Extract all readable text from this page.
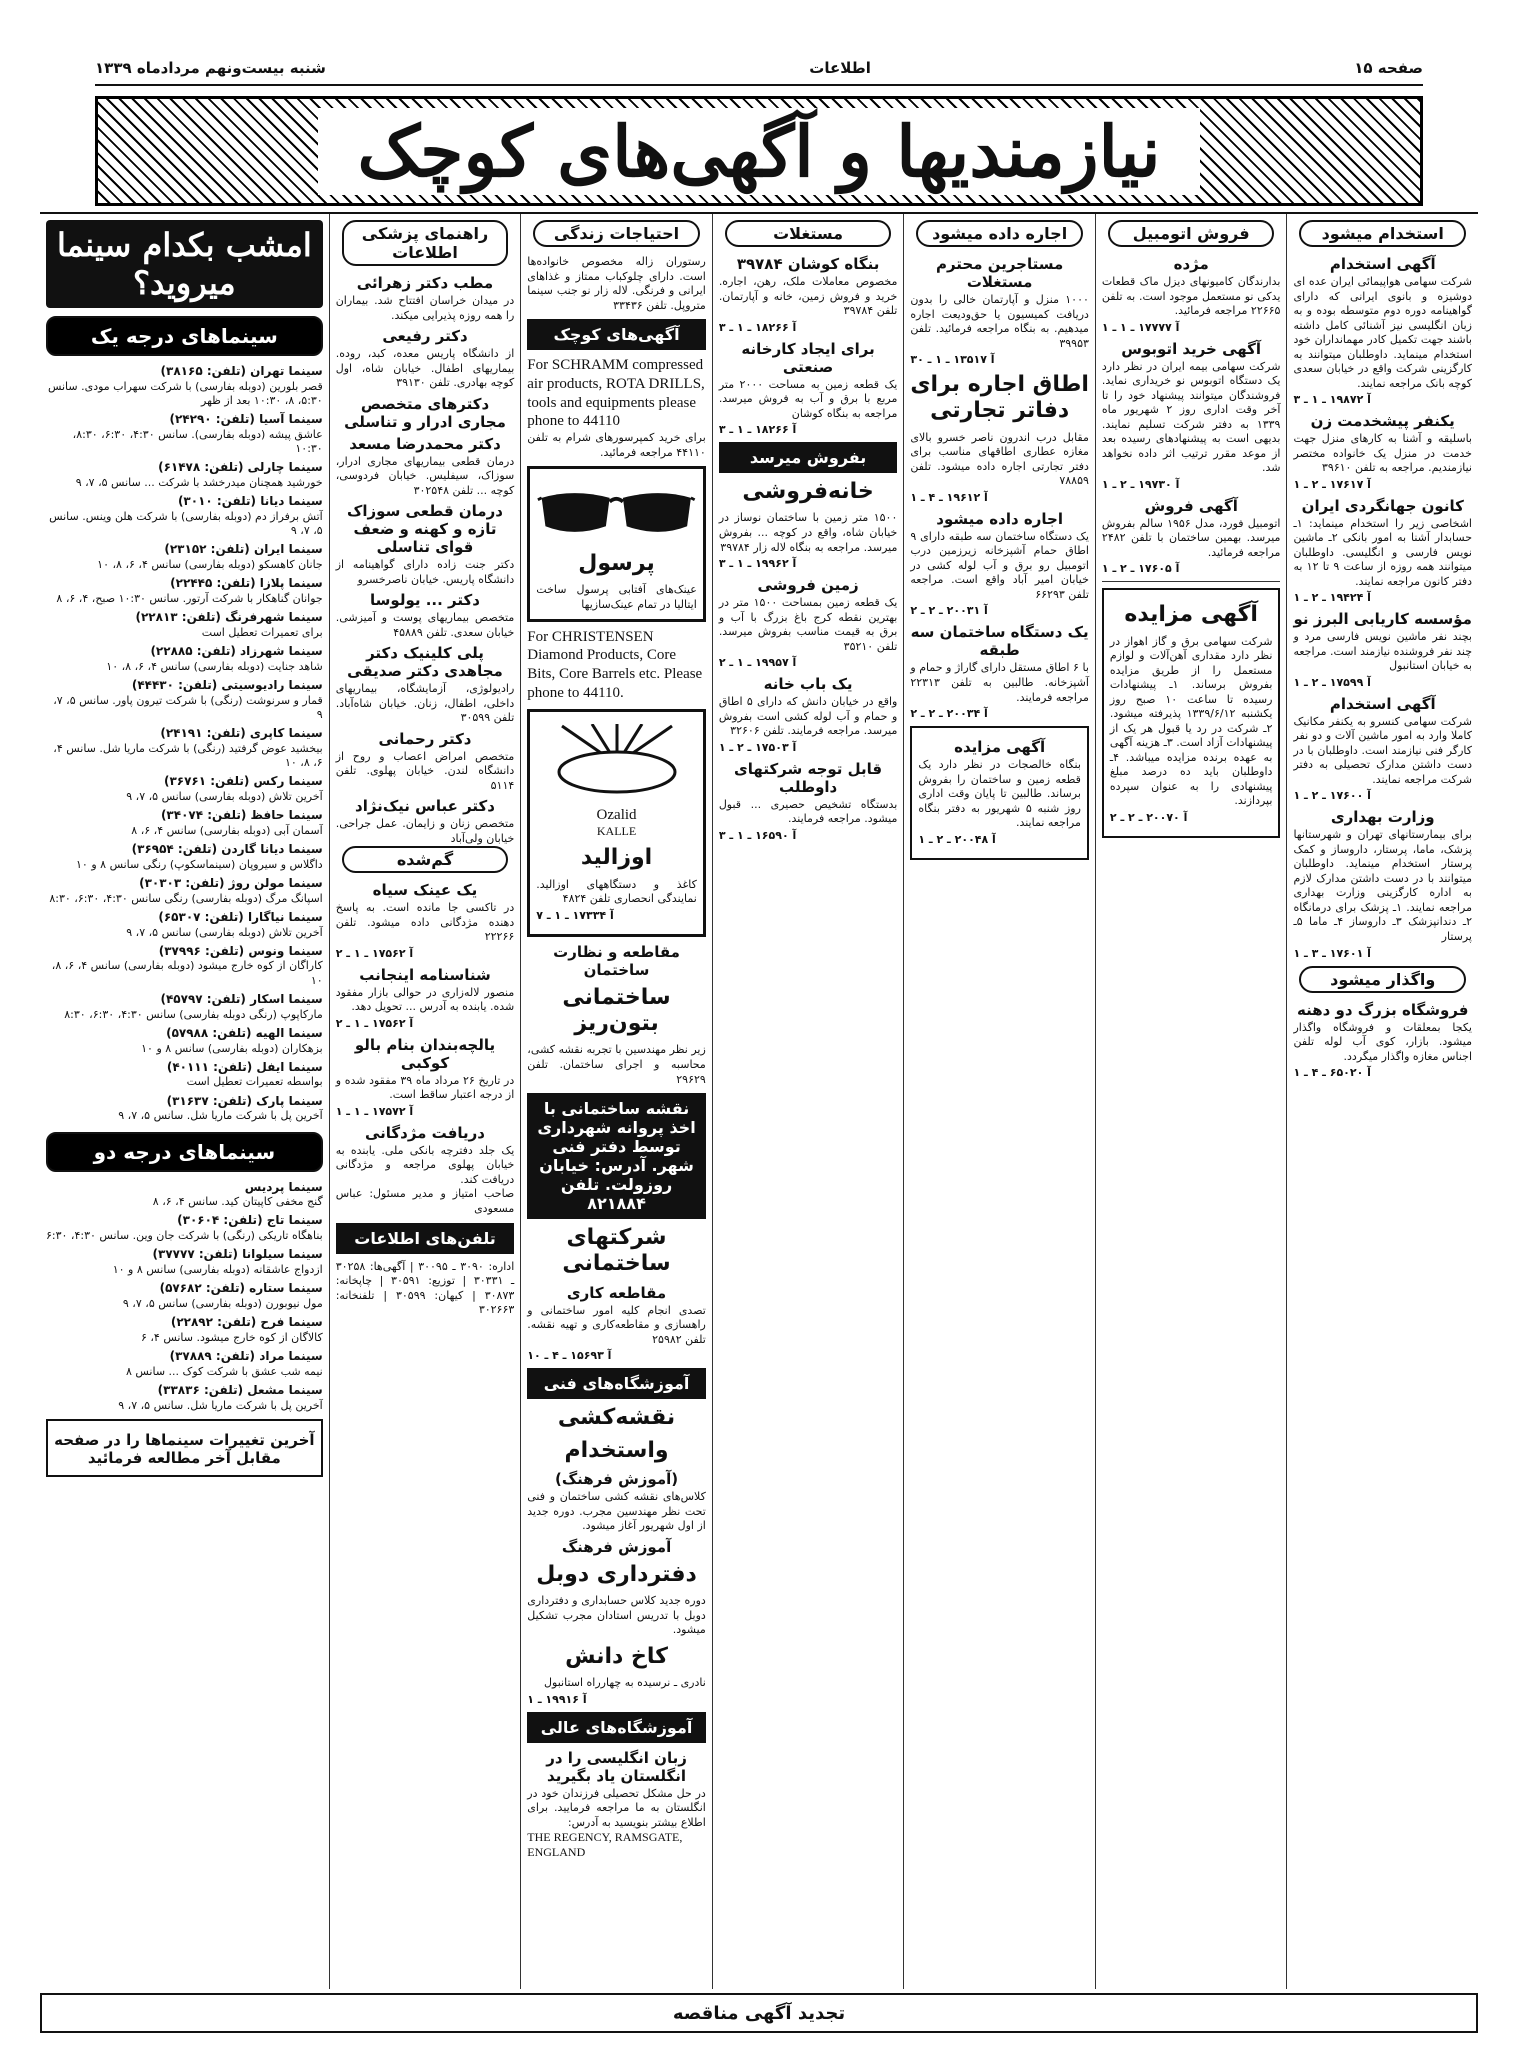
صفحه ۱۵
اطلاعات
شنبه بیست‌ونهم مردادماه ۱۳۳۹
نیازمندیها و آگهی‌های کوچک
استخدام میشود
آگهی استخدام
شرکت سهامی هواپیمائی ایران عده ای دوشیزه و بانوی ایرانی که دارای گواهینامه دوره دوم متوسطه بوده و به زبان انگلیسی نیز آشنائی کامل داشته باشند جهت تکمیل کادر مهمانداران خود استخدام مینماید. داوطلبان میتوانند به کارگزینی شرکت واقع در خیابان سعدی کوچه بانک مراجعه نمایند.
آ ۱۹۸۷۲ ـ ۱ ـ ۳
یکنفر پیشخدمت زن
باسلیقه و آشنا به کارهای منزل جهت خدمت در منزل یک خانواده مختصر نیازمندیم. مراجعه به تلفن ۳۹۶۱۰
آ ۱۷۶۱۷ ـ ۲ ـ ۱
کانون جهانگردی ایران
اشخاصی زیر را استخدام مینماید: ۱ـ حسابدار آشنا به امور بانکی ۲ـ ماشین نویس فارسی و انگلیسی. داوطلبان میتوانند همه روزه از ساعت ۹ تا ۱۲ به دفتر کانون مراجعه نمایند.
آ ۱۹۴۲۴ ـ ۲ ـ ۱
مؤسسه کاریابی البرز نو
بچند نفر ماشین نویس فارسی مرد و چند نفر فروشنده نیازمند است. مراجعه به خیابان استانبول
آ ۱۷۵۹۹ ـ ۲ ـ ۱
آگهی استخدام
شرکت سهامی کنسرو به یکنفر مکانیک کاملا وارد به امور ماشین آلات و دو نفر کارگر فنی نیازمند است. داوطلبان با در دست داشتن مدارک تحصیلی به دفتر شرکت مراجعه نمایند.
آ ۱۷۶۰۰ ـ ۲ ـ ۱
وزارت بهداری
برای بیمارستانهای تهران و شهرستانها پزشک، ماما، پرستار، داروساز و کمک پرستار استخدام مینماید. داوطلبان میتوانند با در دست داشتن مدارک لازم به اداره کارگزینی وزارت بهداری مراجعه نمایند. ۱ـ پزشک برای درمانگاه ۲ـ دندانپزشک ۳ـ داروساز ۴ـ ماما ۵ـ پرستار
آ ۱۷۶۰۱ ـ ۳ ـ ۱
واگذار میشود
فروشگاه بزرگ دو دهنه
یکجا بمعلقات و فروشگاه واگذار میشود. بازار، کوی آب لوله تلفن اجناس مغازه واگذار میگردد.
آ ۶۵۰۲۰ ـ ۴ ـ ۱
فروش اتومبیل
مژده
بدارندگان کامیونهای دیزل ماک قطعات یدکی نو مستعمل موجود است. به تلفن ۲۲۶۶۵ مراجعه فرمائید.
آ ۱۷۷۷۷ ـ ۱ ـ ۱
آگهی خرید اتوبوس
شرکت سهامی بیمه ایران در نظر دارد یک دستگاه اتوبوس نو خریداری نماید. فروشندگان میتوانند پیشنهاد خود را تا آخر وقت اداری روز ۲ شهریور ماه ۱۳۳۹ به دفتر شرکت تسلیم نمایند. بدیهی است به پیشنهادهای رسیده بعد از موعد مقرر ترتیب اثر داده نخواهد شد.
آ ۱۹۷۳۰ ـ ۲ ـ ۱
آگهی فروش
اتومبیل فورد، مدل ۱۹۵۶ سالم بفروش میرسد. بهمین ساختمان با تلفن ۲۴۸۲ مراجعه فرمائید.
آ ۱۷۶۰۵ ـ ۲ ـ ۱
آگهی مزایده
شرکت سهامی برق و گاز اهواز در نظر دارد مقداری آهن‌آلات و لوازم مستعمل را از طریق مزایده بفروش برساند. ۱ـ پیشنهادات رسیده تا ساعت ۱۰ صبح روز یکشنبه ۱۳۳۹/۶/۱۲ پذیرفته میشود. ۲ـ شرکت در رد یا قبول هر یک از پیشنهادات آزاد است. ۳ـ هزینه آگهی به عهده برنده مزایده میباشد. ۴ـ داوطلبان باید ده درصد مبلغ پیشنهادی را به عنوان سپرده بپردازند.
آ ۲۰۰۷۰ ـ ۲ ـ ۲
اجاره داده میشود
مستاجرین محترم مستغلات
۱۰۰۰ منزل و آپارتمان خالی را بدون دریافت کمیسیون یا حق‌ودیعت اجاره میدهیم. به بنگاه مراجعه فرمائید. تلفن ۳۹۹۵۳
آ ۱۳۵۱۷ ـ ۱ ـ ۳۰
اطاق اجاره برای دفاتر تجارتی
مقابل درب اندرون ناصر خسرو بالای مغازه عطاری اطاقهای مناسب برای دفتر تجارتی اجاره داده میشود. تلفن ۷۸۸۵۹
آ ۱۹۶۱۲ ـ ۴ ـ ۱
اجاره داده میشود
یک دستگاه ساختمان سه طبقه دارای ۹ اطاق حمام آشپزخانه زیرزمین درب اتومبیل رو برق و آب لوله کشی در خیابان امیر آباد واقع است. مراجعه تلفن ۶۶۲۹۳
آ ۲۰۰۳۱ ـ ۲ ـ ۲
یک دستگاه ساختمان سه طبقه
با ۶ اطاق مستقل دارای گاراژ و حمام و آشپزخانه. طالبین به تلفن ۲۲۳۱۳ مراجعه فرمایند.
آ ۲۰۰۳۴ ـ ۲ ـ ۲
آگهی مزایده
بنگاه خالصجات در نظر دارد یک قطعه زمین و ساختمان را بفروش برساند. طالبین تا پایان وقت اداری روز شنبه ۵ شهریور به دفتر بنگاه مراجعه نمایند.
آ ۲۰۰۴۸ ـ ۲ ـ ۱
مستغلات
بنگاه کوشان ۳۹۷۸۴
مخصوص معاملات ملک، رهن، اجاره. خرید و فروش زمین، خانه و آپارتمان. تلفن ۳۹۷۸۴
آ ۱۸۲۶۶ ـ ۱ ـ ۳
برای ایجاد کارخانه صنعتی
یک قطعه زمین به مساحت ۲۰۰۰ متر مربع با برق و آب به فروش میرسد. مراجعه به بنگاه کوشان
آ ۱۸۲۶۶ ـ ۱ ـ ۳
بفروش میرسد
خانه‌فروشی
۱۵۰۰ متر زمین با ساختمان نوساز در خیابان شاه، واقع در کوچه ... بفروش میرسد. مراجعه به بنگاه لاله زار ۳۹۷۸۴
آ ۱۹۹۶۲ ـ ۱ ـ ۳
زمین فروشی
یک قطعه زمین بمساحت ۱۵۰۰ متر در بهترین نقطه کرج باغ بزرگ با آب و برق به قیمت مناسب بفروش میرسد. تلفن ۳۵۲۱۰
آ ۱۹۹۵۷ ـ ۱ ـ ۲
یک باب خانه
واقع در خیابان دانش که دارای ۵ اطاق و حمام و آب لوله کشی است بفروش میرسد. مراجعه فرمایند. تلفن ۳۲۶۰۶
آ ۱۷۵۰۳ ـ ۲ ـ ۱
قابل توجه شرکتهای داوطلب
بدستگاه تشخیص حصیری ... قبول میشود. مراجعه فرمایند.
آ ۱۶۵۹۰ ـ ۱ ـ ۳
احتیاجات زندگی
رستوران زاله مخصوص خانواده‌ها است. دارای چلوکباب ممتاز و غذاهای ایرانی و فرنگی. لاله زار نو جنب سینما متروپل. تلفن ۳۳۴۳۶
آگهی‌های کوچک
For SCHRAMM compressed air products, ROTA DRILLS, tools and equipments please phone to 44110
برای خرید کمپرسورهای شرام به تلفن ۴۴۱۱۰ مراجعه فرمائید.
پرسول
عینک‌های آفتابی پرسول ساخت ایتالیا در تمام عینک‌سازیها
For CHRISTENSEN Diamond Products, Core Bits, Core Barrels etc. Please phone to 44110.
Ozalid
KALLE
اوزالید
کاغذ و دستگاههای اوزالید. نمایندگی انحصاری تلفن ۴۸۲۴
آ ۱۷۳۳۴ ـ ۱ ـ ۷
مقاطعه و نظارت ساختمان
ساختمانی بتون‌ریز
زیر نظر مهندسین با تجربه نقشه کشی، محاسبه و اجرای ساختمان. تلفن ۲۹۶۲۹
نقشه ساختمانی با اخذ پروانه شهرداری توسط دفتر فنی شهر. آدرس: خیابان روزولت. تلفن ۸۲۱۸۸۴
شرکتهای ساختمانی
مقاطعه کاری
تصدی انجام کلیه امور ساختمانی و راهسازی و مقاطعه‌کاری و تهیه نقشه. تلفن ۲۵۹۸۲
آ ۱۵۶۹۳ ـ ۴ ـ ۱۰
آموزشگاه‌های فنی
نقشه‌کشی
واستخدام
(آموزش فرهنگ)
کلاس‌های نقشه کشی ساختمان و فنی تحت نظر مهندسین مجرب. دوره جدید از اول شهریور آغاز میشود.
آموزش فرهنگ
دفترداری دوبل
دوره جدید کلاس حسابداری و دفترداری دوبل با تدریس استادان مجرب تشکیل میشود.
کاخ دانش
نادری ـ نرسیده به چهارراه استانبول
آ ۱۹۹۱۶ ـ ۱
آموزشگاه‌های عالی
زبان انگلیسی را در انگلستان یاد بگیرید
در حل مشکل تحصیلی فرزندان خود در انگلستان به ما مراجعه فرمایید. برای اطلاع بیشتر بنویسید به آدرس:
THE REGENCY, RAMSGATE, ENGLAND
راهنمای پزشکی اطلاعات
مطب دکتر زهرائی
در میدان خراسان افتتاح شد. بیماران را همه روزه پذیرایی میکند.
دکتر رفیعی
از دانشگاه پاریس معده، کبد، روده. بیماریهای اطفال. خیابان شاه، اول کوچه بهادری. تلفن ۳۹۱۳۰
دکترهای متخصص مجاری ادرار و تناسلی
دکتر محمدرضا مسعد
درمان قطعی بیماریهای مجاری ادرار، سوزاک، سیفلیس. خیابان فردوسی، کوچه ... تلفن ۳۰۲۵۴۸
درمان قطعی سوزاک تازه و کهنه و ضعف قوای تناسلی
دکتر جنت زاده دارای گواهینامه از دانشگاه پاریس. خیابان ناصرخسرو
دکتر ... یولوسا
متخصص بیماریهای پوست و آمیزشی. خیابان سعدی. تلفن ۴۵۸۸۹
پلی کلینیک دکتر مجاهدی دکتر صدیقی
رادیولوژی، آزمایشگاه، بیماریهای داخلی، اطفال، زنان. خیابان شاه‌آباد. تلفن ۳۰۵۹۹
دکتر رحمانی
متخصص امراض اعصاب و روح از دانشگاه لندن. خیابان پهلوی. تلفن ۵۱۱۴
دکتر عباس نیک‌نژاد
متخصص زنان و زایمان. عمل جراحی. خیابان ولی‌آباد
گم‌شده
یک عینک سیاه
در تاکسی جا مانده است. به پاسخ دهنده مژدگانی داده میشود. تلفن ۲۲۲۶۶
آ ۱۷۵۶۲ ـ ۱ ـ ۲
شناسنامه اینجانب
منصور لاله‌زاری در حوالی بازار مفقود شده. یابنده به آدرس ... تحویل دهد.
آ ۱۷۵۶۲ ـ ۱ ـ ۲
یالچه‌بندان بنام بالو کوکبی
در تاریخ ۲۶ مرداد ماه ۳۹ مفقود شده و از درجه اعتبار ساقط است.
آ ۱۷۵۷۲ ـ ۱ ـ ۱
دریافت مژدگانی
یک جلد دفترچه بانکی ملی. یابنده به خیابان پهلوی مراجعه و مژدگانی دریافت کند.
صاحب امتیاز و مدیر مسئول: عباس مسعودی
تلفن‌های اطلاعات
اداره: ۳۰۹۰ ـ ۳۰۰۹۵ | آگهی‌ها: ۳۰۲۵۸ ـ ۳۰۳۳۱ | توزیع: ۳۰۵۹۱ | چاپخانه: ۳۰۸۷۳ | کیهان: ۳۰۵۹۹ | تلفنخانه: ۳۰۲۶۶۳
امشب بکدام سینما میروید؟
سینماهای درجه یک
سینما تهران (تلفن: ۳۸۱۶۵)
قصر بلورین (دوبله بفارسی) با شرکت سهراب مودی. سانس ۵:۳۰، ۸، ۱۰:۳۰ بعد از ظهر
سینما آسیا (تلفن: ۲۴۲۹۰)
عاشق پیشه (دوبله بفارسی). سانس ۴:۳۰، ۶:۳۰، ۸:۳۰، ۱۰:۳۰
سینما چارلی (تلفن: ۶۱۴۷۸)
خورشید همچنان میدرخشد با شرکت ... سانس ۵، ۷، ۹
سینما دیانا (تلفن: ۳۰۱۰)
آتش برفراز دم (دوبله بفارسی) با شرکت هلن وینس. سانس ۵، ۷، ۹
سینما ایران (تلفن: ۲۳۱۵۲)
جانان کاهسکو (دوبله بفارسی) سانس ۴، ۶، ۸، ۱۰
سینما پلازا (تلفن: ۲۲۴۴۵)
جوانان گناهکار با شرکت آرتور. سانس ۱۰:۳۰ صبح، ۴، ۶، ۸
سینما شهرفرنگ (تلفن: ۲۲۸۱۳)
برای تعمیرات تعطیل است
سینما شهرزاد (تلفن: ۲۲۸۸۵)
شاهد جنایت (دوبله بفارسی) سانس ۴، ۶، ۸، ۱۰
سینما رادیوسیتی (تلفن: ۴۴۴۳۰)
قمار و سرنوشت (رنگی) با شرکت تیرون پاور. سانس ۵، ۷، ۹
سینما کاپری (تلفن: ۲۴۱۹۱)
بیخشید عوض گرفتید (رنگی) با شرکت ماریا شل. سانس ۴، ۶، ۸، ۱۰
سینما رکس (تلفن: ۳۶۷۶۱)
آخرین تلاش (دوبله بفارسی) سانس ۵، ۷، ۹
سینما حافظ (تلفن: ۳۴۰۷۴)
آسمان آبی (دوبله بفارسی) سانس ۴، ۶، ۸
سینما دیانا گاردن (تلفن: ۳۶۹۵۴)
داگلاس و سیروپان (سینماسکوپ) رنگی سانس ۸ و ۱۰
سینما مولن روژ (تلفن: ۳۰۳۰۳)
اسپانگ مرگ (دوبله بفارسی) رنگی سانس ۴:۳۰، ۶:۳۰، ۸:۳۰
سینما نیاگارا (تلفن: ۶۵۳۰۷)
آخرین تلاش (دوبله بفارسی) سانس ۵، ۷، ۹
سینما ونوس (تلفن: ۳۷۹۹۶)
کاراگان از کوه خارج میشود (دوبله بفارسی) سانس ۴، ۶، ۸، ۱۰
سینما اسکار (تلفن: ۴۵۷۹۷)
مارکاپوپ (رنگی دوبله بفارسی) سانس ۴:۳۰، ۶:۳۰، ۸:۳۰
سینما الهیه (تلفن: ۵۷۹۸۸)
بزهکاران (دوبله بفارسی) سانس ۸ و ۱۰
سینما ایفل (تلفن: ۴۰۱۱۱)
بواسطه تعمیرات تعطیل است
سینما پارک (تلفن: ۳۱۶۳۷)
آخرین پل با شرکت ماریا شل. سانس ۵، ۷، ۹
سینماهای درجه دو
سینما پردیس
گنج مخفی کاپیتان کید. سانس ۴، ۶، ۸
سینما تاج (تلفن: ۳۰۶۰۴)
بناهگاه تاریکی (رنگی) با شرکت جان وین. سانس ۴:۳۰، ۶:۳۰
سینما سیلوانا (تلفن: ۳۷۷۷۷)
ازدواج عاشقانه (دوبله بفارسی) سانس ۸ و ۱۰
سینما ستاره (تلفن: ۵۷۶۸۲)
مول نیوبورن (دوبله بفارسی) سانس ۵، ۷، ۹
سینما فرح (تلفن: ۲۲۸۹۲)
کالاگان از کوه خارج میشود. سانس ۴، ۶
سینما مراد (تلفن: ۳۷۸۸۹)
نیمه شب عشق با شرکت کوک ... سانس ۸
سینما مشعل (تلفن: ۳۳۸۳۶)
آخرین پل با شرکت ماریا شل. سانس ۵، ۷، ۹
آخرین تغییرات سینماها را در صفحه مقابل آخر مطالعه فرمائید
تجدید آگهی مناقصه
